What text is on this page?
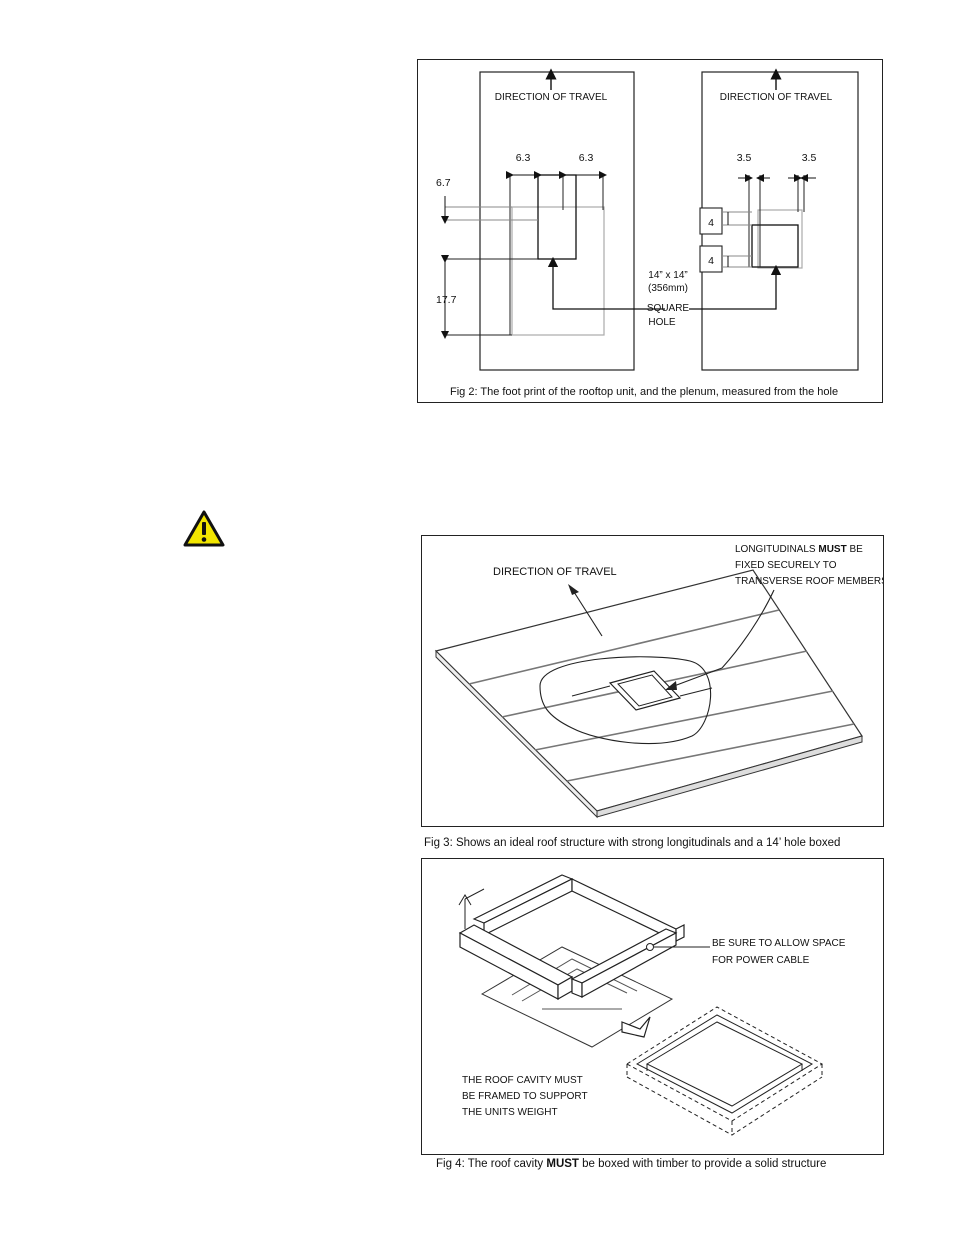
DIRECTION OF TRAVEL
6.3	6.3
6.7
17.7
14” x 14”
(356mm)
SQUARE
HOLE
DIRECTION OF TRAVEL
3.5	3.5
4
4
Fig 2: The foot print of the rooftop unit, and the plenum, measured from the hole
DIRECTION OF TRAVEL
LONGITUDINALS MUST BE
FIXED SECURELY TO
TRANSVERSE ROOF MEMBERS
Fig 3: Shows an ideal roof structure with strong longitudinals and a 14’ hole boxed
BE SURE TO ALLOW SPACE
FOR POWER CABLE
THE ROOF CAVITY MUST
BE FRAMED TO SUPPORT
THE UNITS WEIGHT
Fig 4: The roof cavity MUST be boxed with timber to provide a solid structure
